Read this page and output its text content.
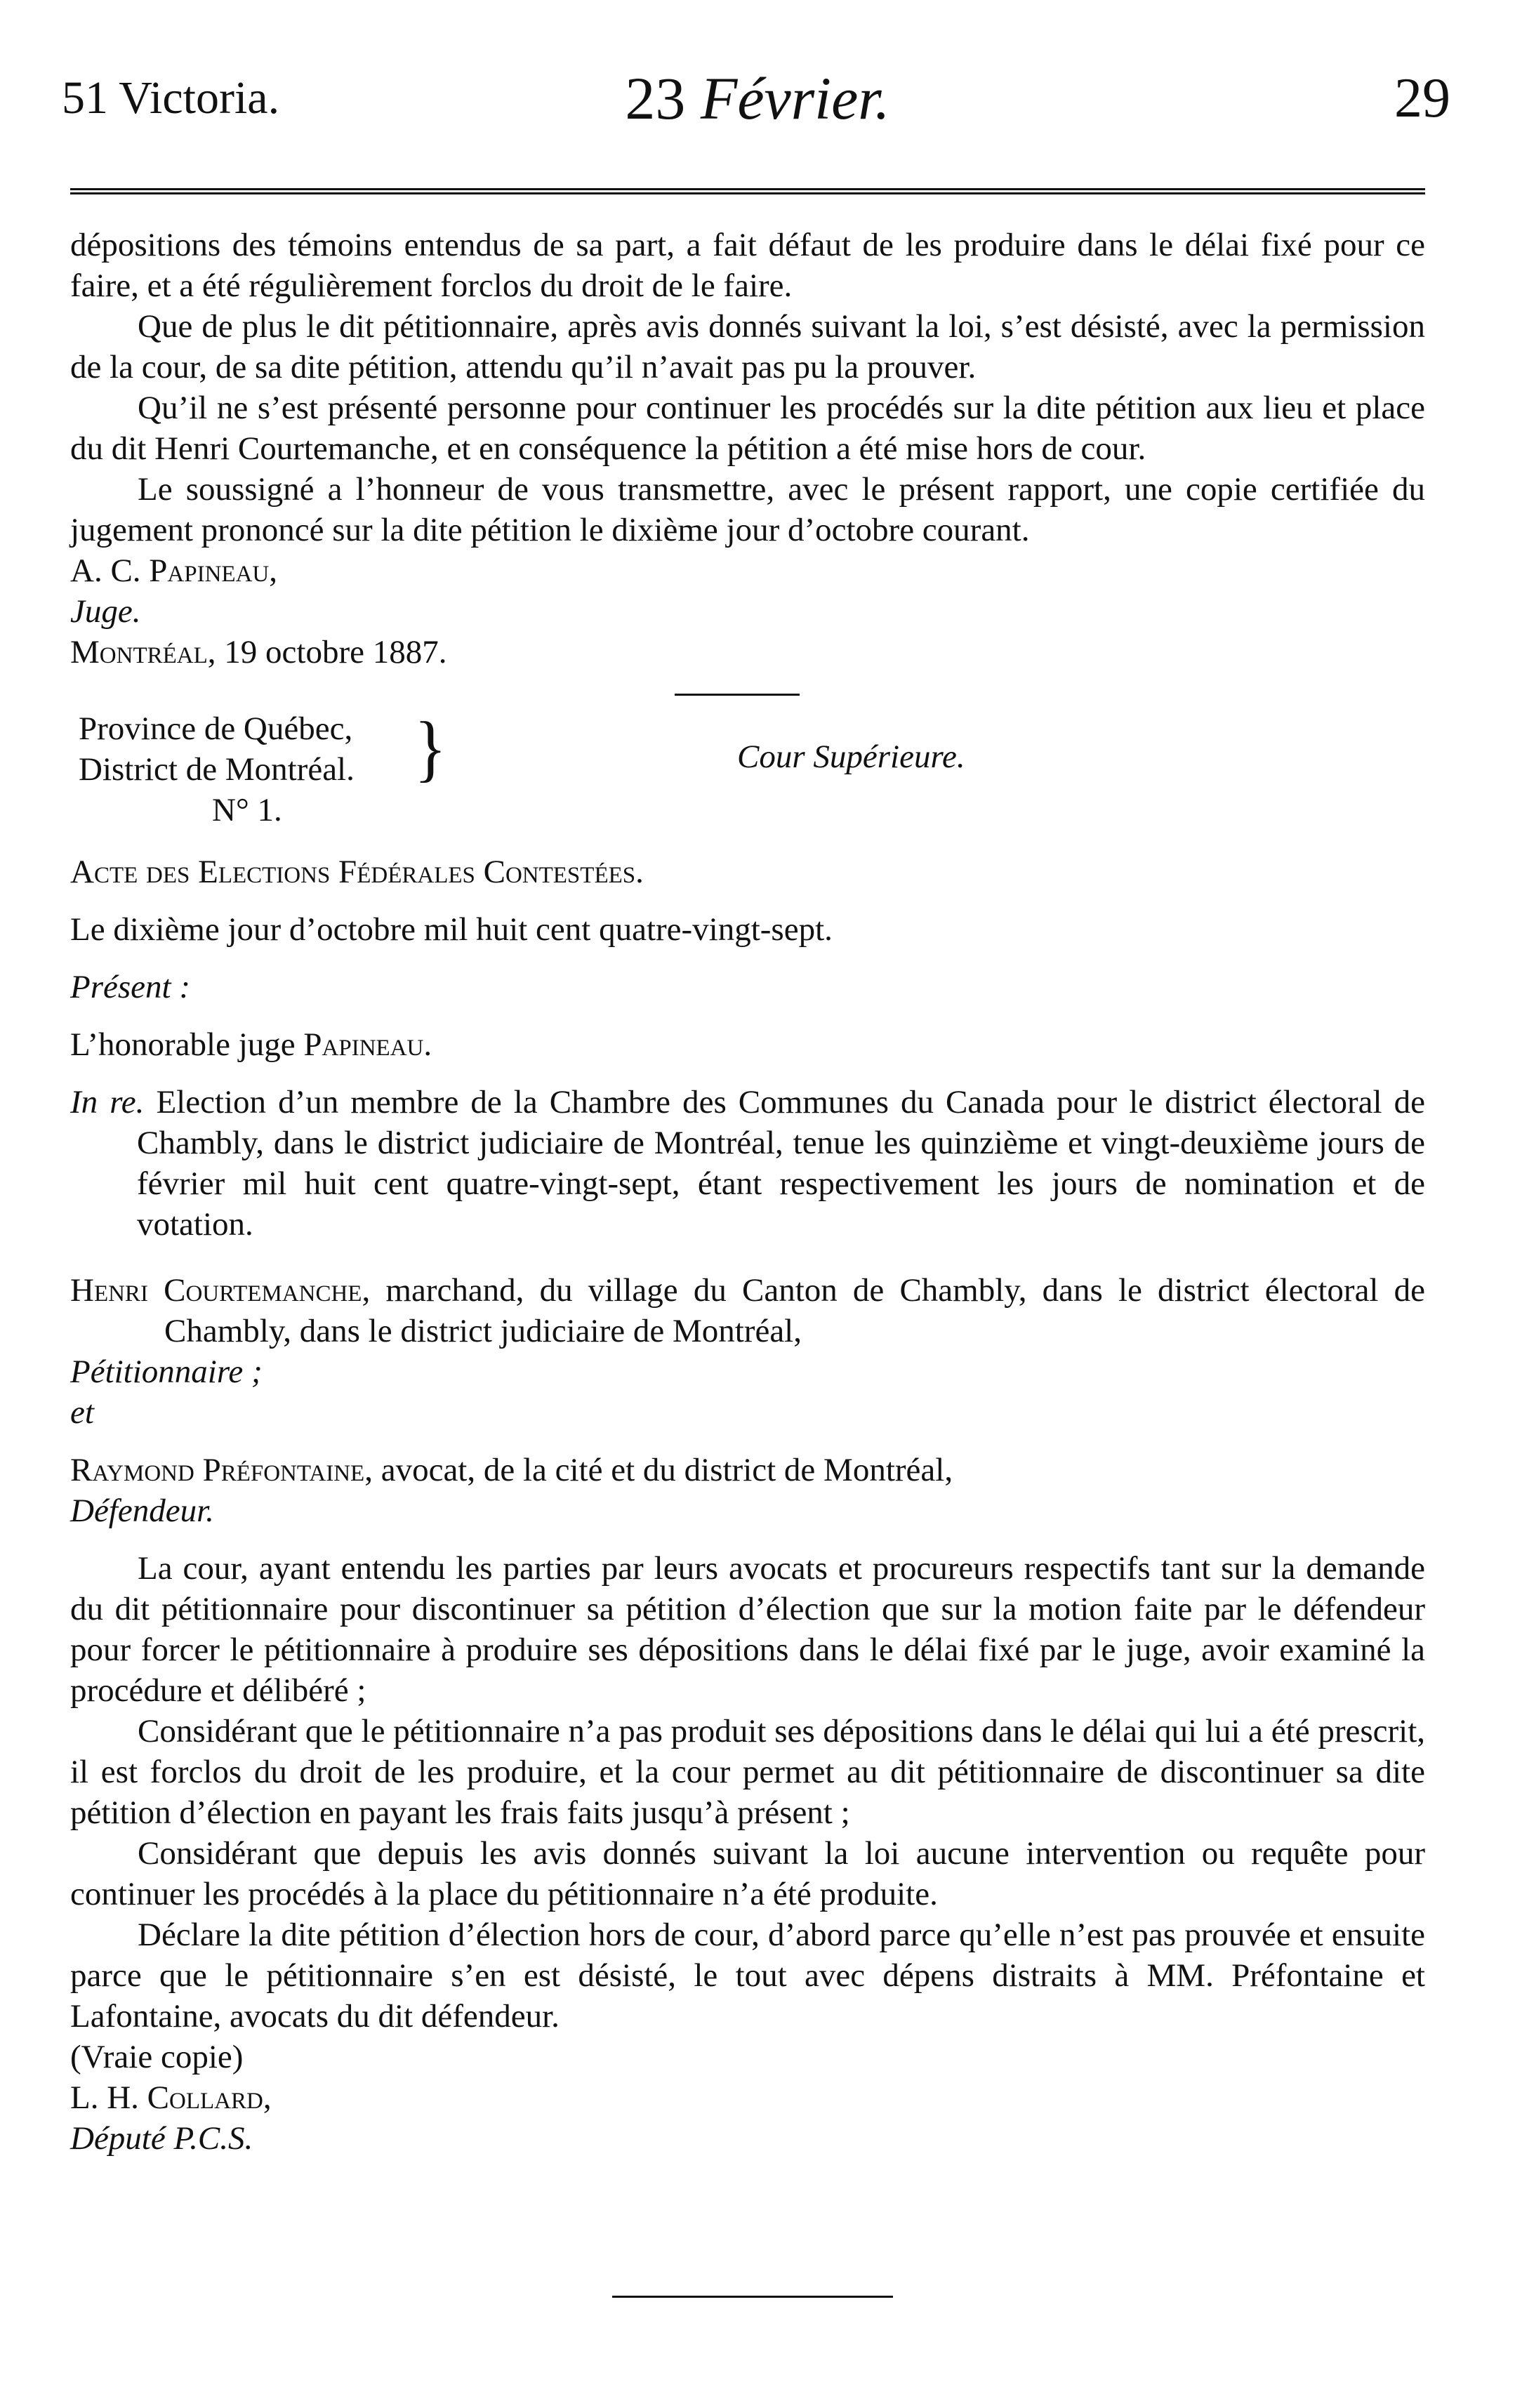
51 Victoria.	23 Février.	29

dépositions des témoins entendus de sa part, a fait défaut de les produire dans le délai fixé pour ce faire, et a été régulièrement forclos du droit de le faire.

Que de plus le dit pétitionnaire, après avis donnés suivant la loi, s’est désisté, avec la permission de la cour, de sa dite pétition, attendu qu’il n’avait pas pu la prouver.

Qu’il ne s’est présenté personne pour continuer les procédés sur la dite pétition aux lieu et place du dit Henri Courtemanche, et en conséquence la pétition a été mise hors de cour.

Le soussigné a l’honneur de vous transmettre, avec le présent rapport, une copie certifiée du jugement prononcé sur la dite pétition le dixième jour d’octobre courant.

A. C. Papineau,

Juge.

Montréal, 19 octobre 1887.

Province de Québec,
District de Montréal.
N° 1.
}	Cour Supérieure.

Acte des Elections Fédérales Contestées.

Le dixième jour d’octobre mil huit cent quatre-vingt-sept.

Présent :

L’honorable juge Papineau.

In re. Election d’un membre de la Chambre des Communes du Canada pour le district électoral de Chambly, dans le district judiciaire de Montréal, tenue les quinzième et vingt-deuxième jours de février mil huit cent quatre-vingt-sept, étant respectivement les jours de nomination et de votation.

Henri Courtemanche, marchand, du village du Canton de Chambly, dans le district électoral de Chambly, dans le district judiciaire de Montréal,

Pétitionnaire ;

et

Raymond Préfontaine, avocat, de la cité et du district de Montréal,

Défendeur.

La cour, ayant entendu les parties par leurs avocats et procureurs respectifs tant sur la demande du dit pétitionnaire pour discontinuer sa pétition d’élection que sur la motion faite par le défendeur pour forcer le pétitionnaire à produire ses dépositions dans le délai fixé par le juge, avoir examiné la procédure et délibéré ;

Considérant que le pétitionnaire n’a pas produit ses dépositions dans le délai qui lui a été prescrit, il est forclos du droit de les produire, et la cour permet au dit pétitionnaire de discontinuer sa dite pétition d’élection en payant les frais faits jusqu’à présent ;

Considérant que depuis les avis donnés suivant la loi aucune intervention ou requête pour continuer les procédés à la place du pétitionnaire n’a été produite.

Déclare la dite pétition d’élection hors de cour, d’abord parce qu’elle n’est pas prouvée et ensuite parce que le pétitionnaire s’en est désisté, le tout avec dépens distraits à MM. Préfontaine et Lafontaine, avocats du dit défendeur.

(Vraie copie)

L. H. Collard,

Député P.C.S.
